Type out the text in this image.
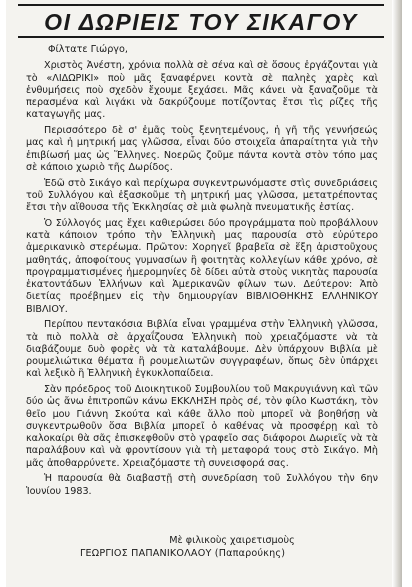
ΟΙ ΔΩΡΙΕΙΣ ΤΟΥ ΣΙΚΑΓΟΥ

Φίλτατε Γιώργο,

Χριστὸς Ἀνέστη, χρόνια πολλὰ σὲ σένα καὶ σὲ ὅσους ἐργάζονται γιὰ τὸ «ΛΙΔΩΡΙΚΙ» ποὺ μᾶς ξαναφέρνει κοντὰ σὲ παληὲς χαρὲς καὶ ἐνθυμήσεις ποὺ σχεδὸν ἔχουμε ξεχάσει. Μᾶς κάνει νὰ ξαναζοῦμε τὰ περασμένα καὶ λιγάκι νὰ δακρύζουμε ποτίζοντας ἔτσι τὶς ρίζες τῆς καταγωγῆς μας.

Περισσότερο δὲ σ' ἐμᾶς τοὺς ξενητεμένους, ἡ γῆ τῆς γεννήσεώς μας καὶ ἡ μητρική μας γλῶσσα, εἶναι δύο στοιχεῖα ἀπαραίτητα γιὰ τὴν ἐπιβίωσή μας ὡς Ἕλληνες. Νοερῶς ζοῦμε πάντα κοντὰ στὸν τόπο μας σὲ κάποιο χωριὸ τῆς Δωρίδος.

Ἐδῶ στὸ Σικάγο καὶ περίχωρα συγκεντρωνόμαστε στὶς συνεδριάσεις τοῦ Συλλόγου καὶ ἐξασκοῦμε τὴ μητρική μας γλῶσσα, μετατρέποντας ἔτσι τὴν αἴθουσα τῆς Ἐκκλησίας σὲ μιὰ φωληὰ πνευματικῆς ἑστίας.

Ὁ Σύλλογός μας ἔχει καθιερώσει δύο προγράμματα ποὺ προβάλλουν κατὰ κάποιον τρόπο τὴν Ἑλληνικὴ μας παρουσία στὸ εὐρύτερο ἀμερικανικὸ στερέωμα. Πρῶτον: Χορηγεῖ βραβεῖα σὲ ἕξη ἀριστοῦχους μαθητάς, ἀποφοίτους γυμνασίων ἢ φοιτητὰς κολλεγίων κάθε χρόνο, σὲ προγραμματισμένες ἡμερομηνίες δὲ δίδει αὐτὰ στοὺς νικητὰς παρουσία ἑκατοντάδων Ἑλλήνων καὶ Ἀμερικανῶν φίλων των. Δεύτερον: Ἀπὸ διετίας προέβημεν εἰς τὴν δημιουργίαν ΒΙΒΛΙΟΘΗΚΗΣ ΕΛΛΗΝΙΚΟΥ ΒΙΒΛΙΟΥ.

Περίπου πεντακόσια Βιβλία εἶναι γραμμένα στὴν Ἑλληνικὴ γλῶσσα, τὰ πιὸ πολλὰ σὲ ἀρχαΐζουσα Ἑλληνικὴ ποὺ χρειαζόμαστε νὰ τὰ διαβάζουμε δυὸ φορὲς νὰ τὰ καταλάβουμε. Δὲν ὑπάρχουν Βιβλία μὲ ρουμελιώτικα θέματα ἢ ρουμελιωτῶν συγγραφέων, ὅπως δὲν ὑπάρχει καὶ λεξικὸ ἢ Ἑλληνικὴ ἐγκυκλοπαίδεια.

Σὰν πρόεδρος τοῦ Διοικητικοῦ Συμβουλίου τοῦ Μακρυγιάννη καὶ τῶν δύο ὡς ἄνω ἐπιτροπῶν κάνω ΕΚΚΛΗΣΗ πρὸς σέ, τὸν φίλο Κωστάκη, τὸν θεῖο μου Γιάννη Σκούτα καὶ κάθε ἄλλο ποὺ μπορεῖ νὰ βοηθήσῃ νὰ συγκεντρωθοῦν ὅσα Βιβλία μπορεῖ ὁ καθένας νὰ προσφέρῃ καὶ τὸ καλοκαίρι θὰ σᾶς ἐπισκεφθοῦν στὸ γραφεῖο σας διάφοροι Δωριεῖς νὰ τὰ παραλάβουν καὶ νὰ φροντίσουν γιὰ τὴ μεταφορά τους στὸ Σικάγο. Μὴ μᾶς ἀποθαρρύνετε. Χρειαζόμαστε τὴ συνεισφορά σας.

Ἡ παρουσία θὰ διαβαστῇ στὴ συνεδρίαση τοῦ Συλλόγου τὴν 6ην Ἰουνίου 1983.

Μὲ φιλικοὺς χαιρετισμοὺς

ΓΕΩΡΓΙΟΣ ΠΑΠΑΝΙΚΟΛΑΟΥ (Παπαρούκης)
